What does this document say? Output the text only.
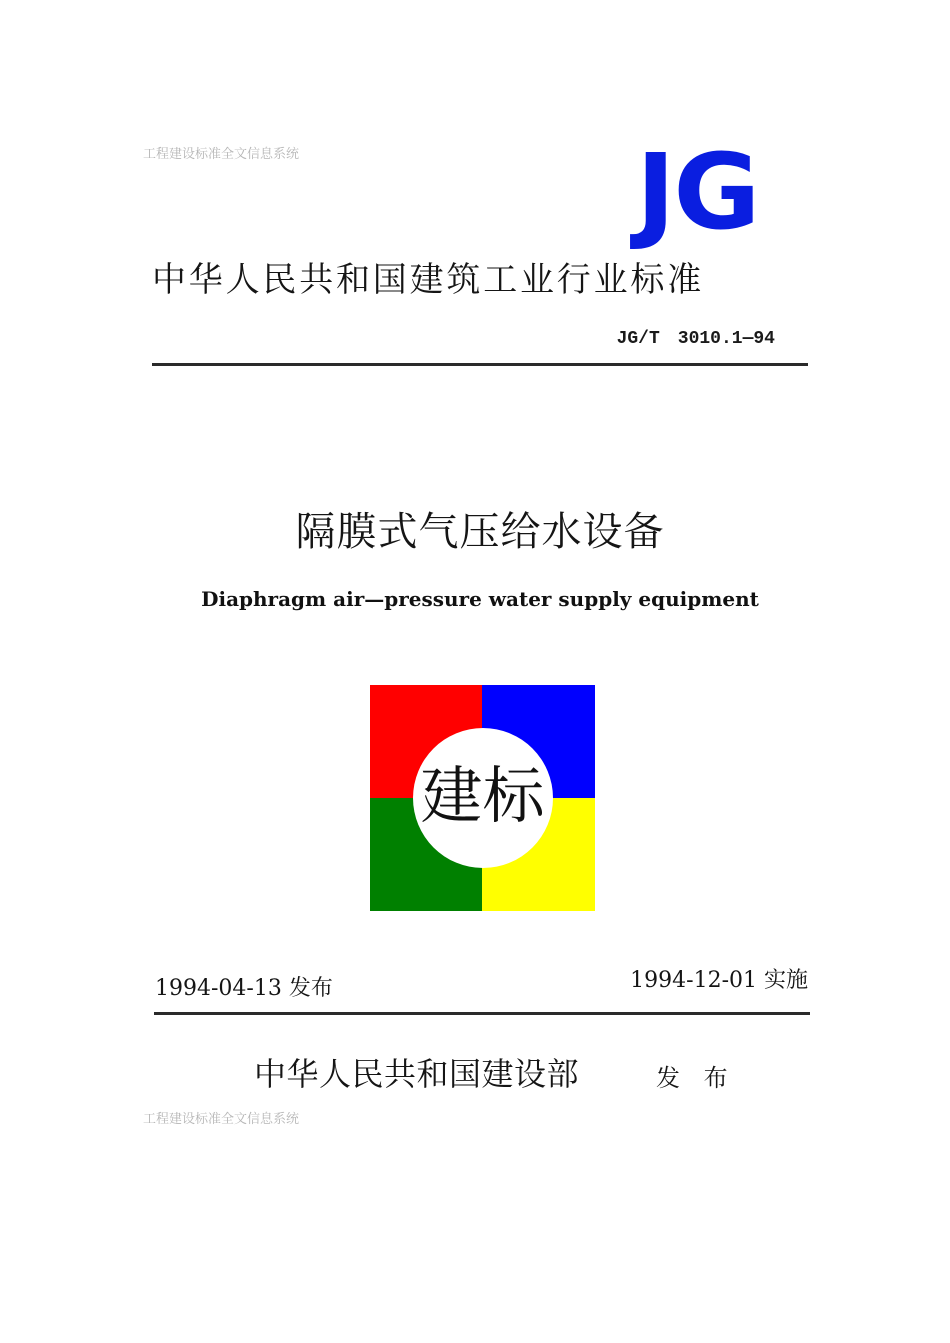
工程建设标准全文信息系统	JG
中华人民共和国建筑工业行业标准
JG/T　3010.1—94
隔膜式气压给水设备
Diaphragm air—pressure water supply equipment
建标
1994-04-13 发布	1994-12-01 实施
中华人民共和国建设部	发 布
工程建设标准全文信息系统
